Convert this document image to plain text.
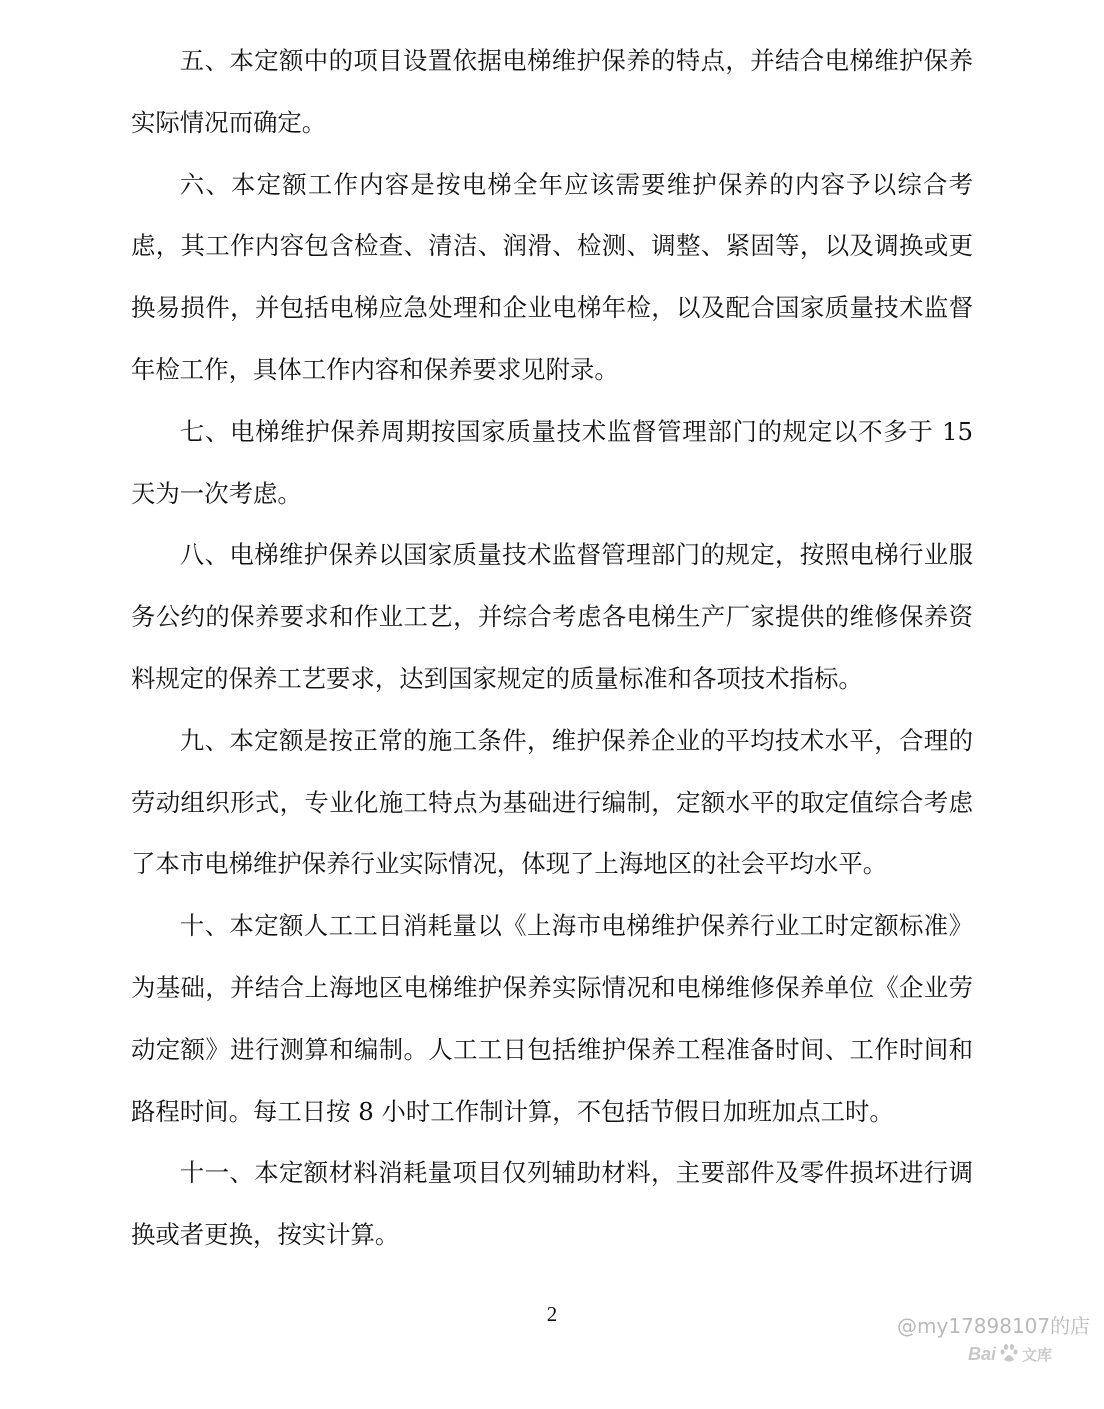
五、本定额中的项目设置依据电梯维护保养的特点，并结合电梯维护保养实际情况而确定。

六、本定额工作内容是按电梯全年应该需要维护保养的内容予以综合考虑，其工作内容包含检查、清洁、润滑、检测、调整、紧固等，以及调换或更换易损件，并包括电梯应急处理和企业电梯年检，以及配合国家质量技术监督年检工作，具体工作内容和保养要求见附录。

七、电梯维护保养周期按国家质量技术监督管理部门的规定以不多于 15 天为一次考虑。

八、电梯维护保养以国家质量技术监督管理部门的规定，按照电梯行业服务公约的保养要求和作业工艺，并综合考虑各电梯生产厂家提供的维修保养资料规定的保养工艺要求，达到国家规定的质量标准和各项技术指标。

九、本定额是按正常的施工条件，维护保养企业的平均技术水平，合理的劳动组织形式，专业化施工特点为基础进行编制，定额水平的取定值综合考虑了本市电梯维护保养行业实际情况，体现了上海地区的社会平均水平。

十、本定额人工工日消耗量以《上海市电梯维护保养行业工时定额标准》为基础，并结合上海地区电梯维护保养实际情况和电梯维修保养单位《企业劳动定额》进行测算和编制。人工工日包括维护保养工程准备时间、工作时间和路程时间。每工日按 8 小时工作制计算，不包括节假日加班加点工时。

十一、本定额材料消耗量项目仅列辅助材料，主要部件及零件损坏进行调换或者更换，按实计算。

2	@my17898107的店
Bai 文库
